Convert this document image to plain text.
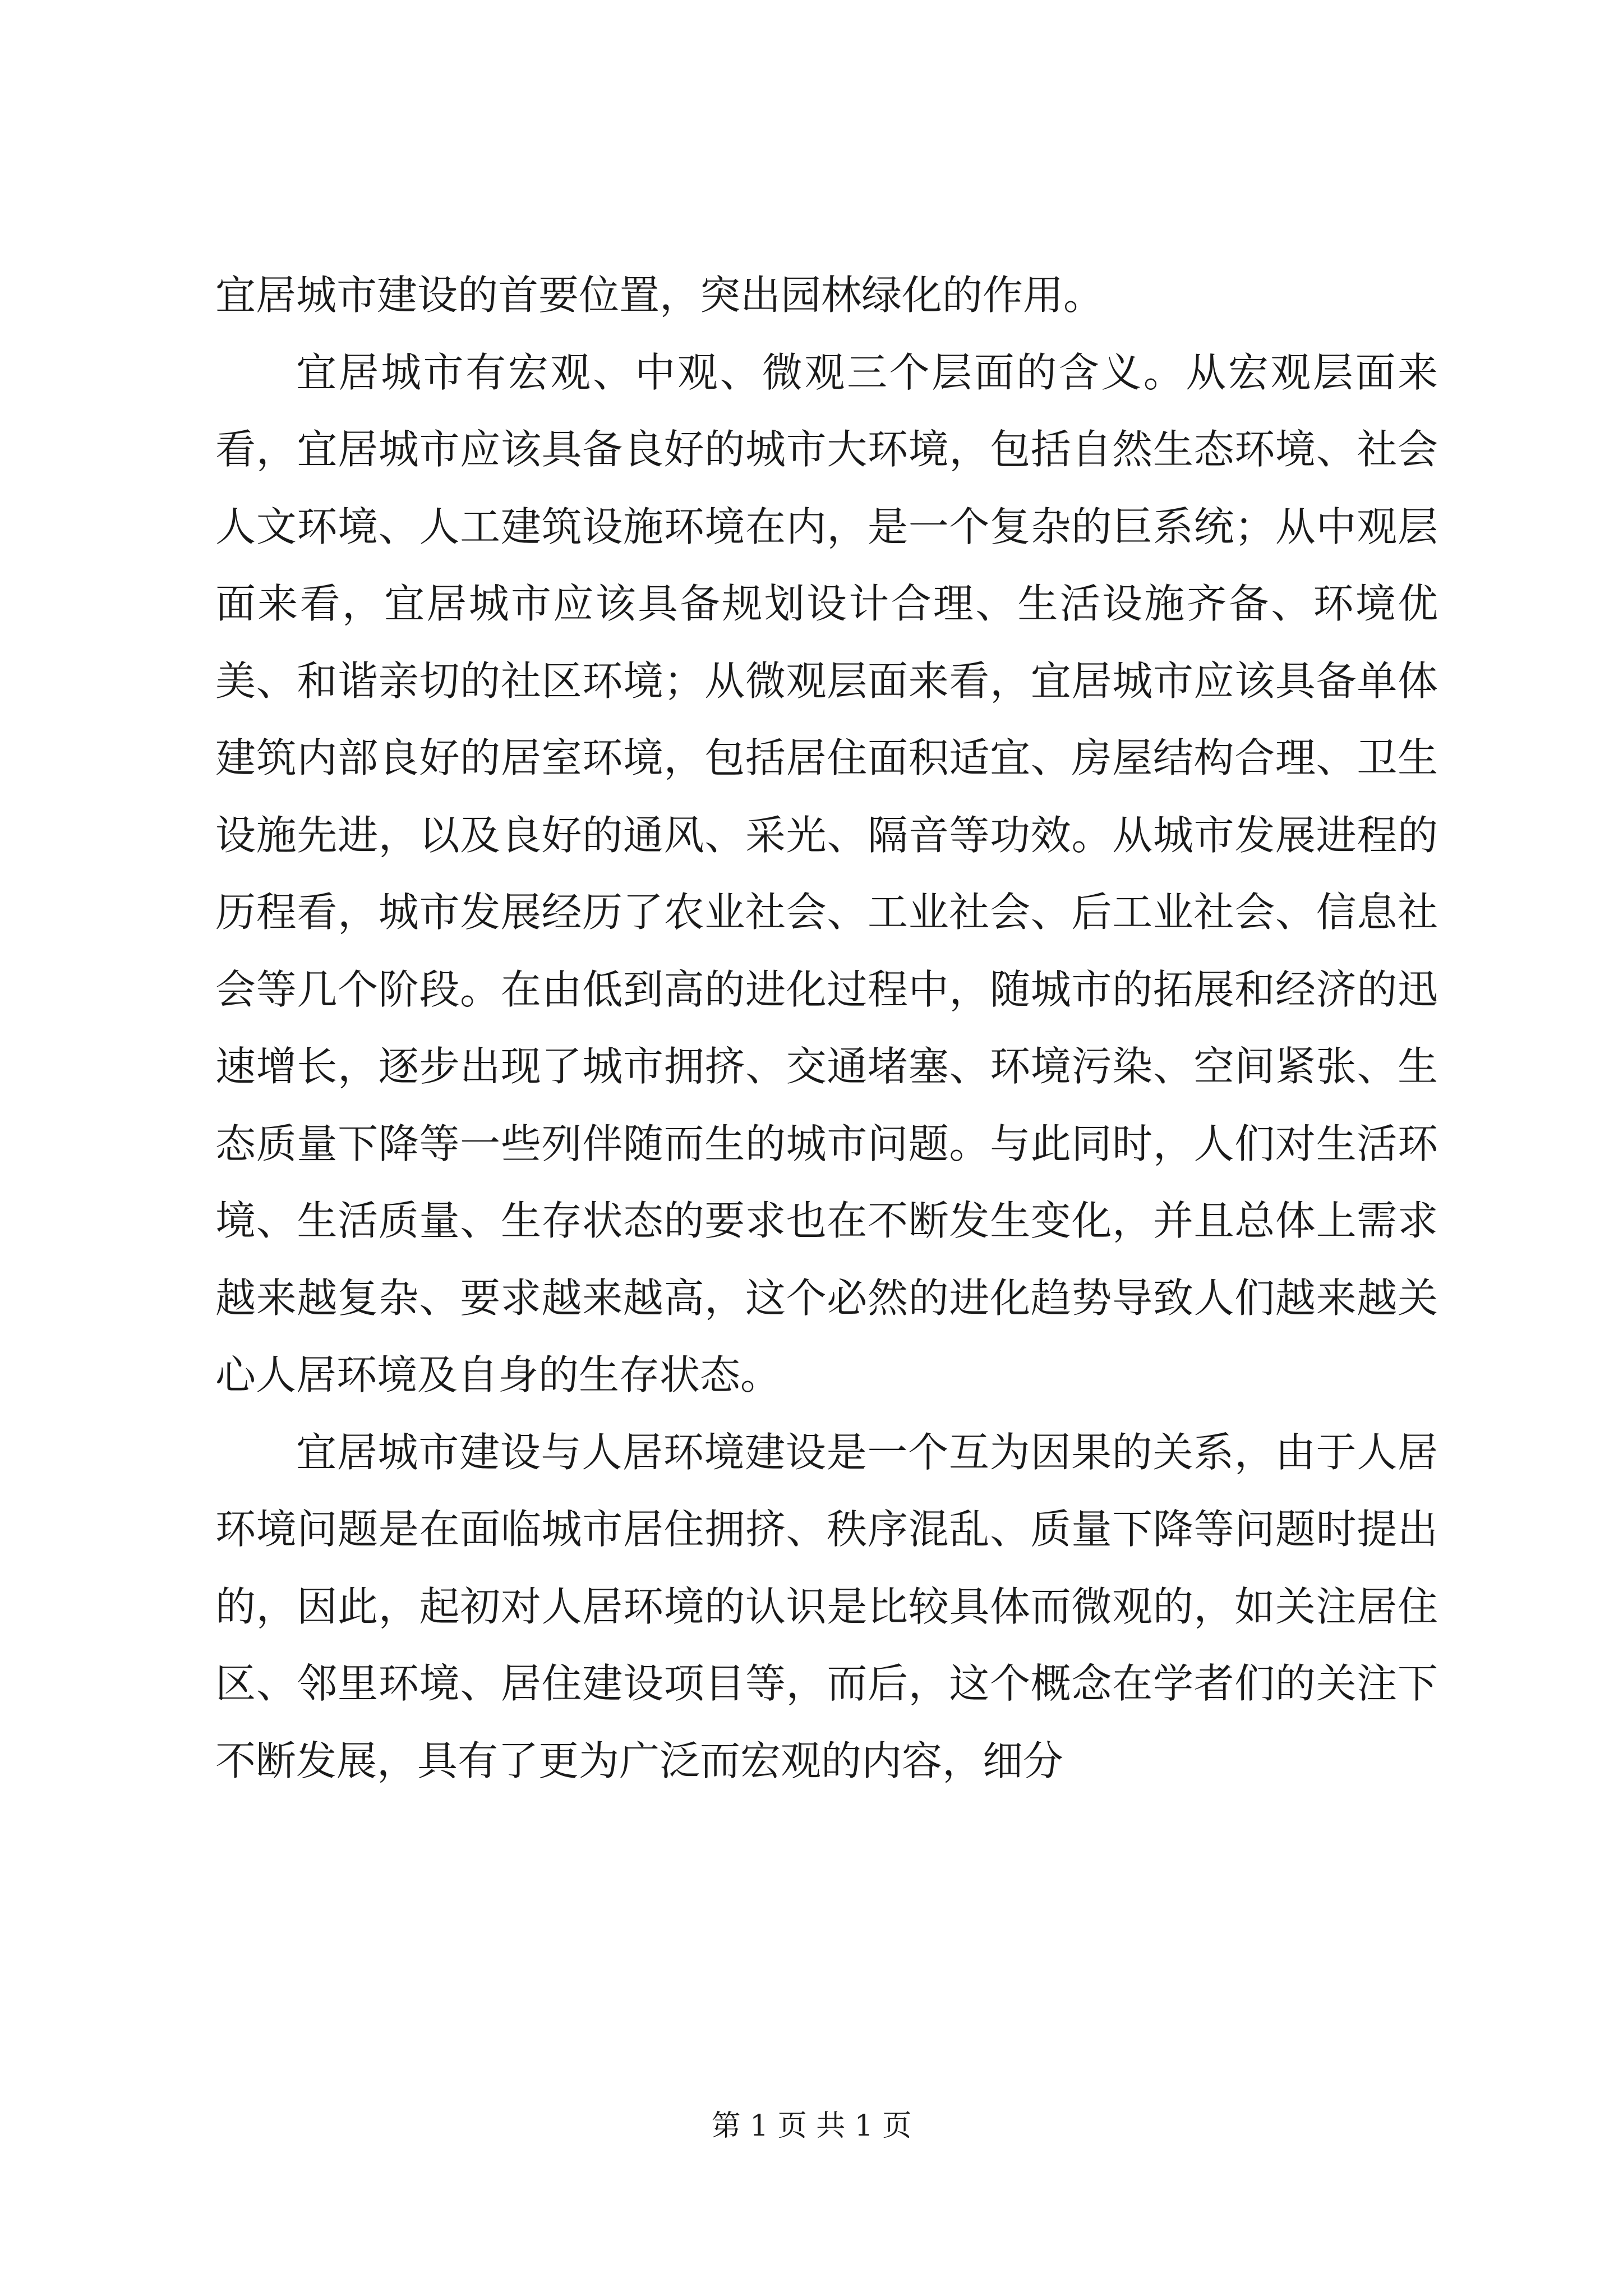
宜居城市建设的首要位置，突出园林绿化的作用。

宜居城市有宏观、中观、微观三个层面的含义。从宏观层面来看，宜居城市应该具备良好的城市大环境，包括自然生态环境、社会人文环境、人工建筑设施环境在内，是一个复杂的巨系统；从中观层面来看，宜居城市应该具备规划设计合理、生活设施齐备、环境优美、和谐亲切的社区环境；从微观层面来看，宜居城市应该具备单体建筑内部良好的居室环境，包括居住面积适宜、房屋结构合理、卫生设施先进，以及良好的通风、采光、隔音等功效。从城市发展进程的历程看，城市发展经历了农业社会、工业社会、后工业社会、信息社会等几个阶段。在由低到高的进化过程中，随城市的拓展和经济的迅速增长，逐步出现了城市拥挤、交通堵塞、环境污染、空间紧张、生态质量下降等一些列伴随而生的城市问题。与此同时，人们对生活环境、生活质量、生存状态的要求也在不断发生变化，并且总体上需求越来越复杂、要求越来越高，这个必然的进化趋势导致人们越来越关心人居环境及自身的生存状态。

宜居城市建设与人居环境建设是一个互为因果的关系，由于人居环境问题是在面临城市居住拥挤、秩序混乱、质量下降等问题时提出的，因此，起初对人居环境的认识是比较具体而微观的，如关注居住区、邻里环境、居住建设项目等，而后，这个概念在学者们的关注下不断发展，具有了更为广泛而宏观的内容，细分

第 1 页 共 1 页
